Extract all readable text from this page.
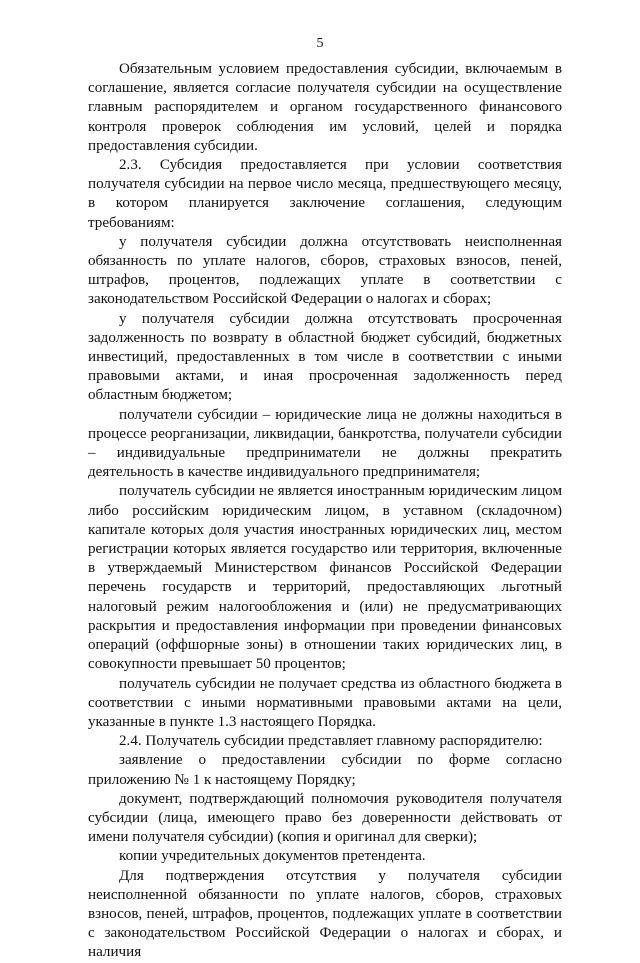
5

Обязательным условием предоставления субсидии, включаемым в соглашение, является согласие получателя субсидии на осуществление главным распорядителем и органом государственного финансового контроля проверок соблюдения им условий, целей и порядка предоставления субсидии.

2.3. Субсидия предоставляется при условии соответствия получателя субсидии на первое число месяца, предшествующего месяцу, в котором планируется заключение соглашения, следующим требованиям:

у получателя субсидии должна отсутствовать неисполненная обязанность по уплате налогов, сборов, страховых взносов, пеней, штрафов, процентов, подлежащих уплате в соответствии с законодательством Российской Федерации о налогах и сборах;

у получателя субсидии должна отсутствовать просроченная задолженность по возврату в областной бюджет субсидий, бюджетных инвестиций, предоставленных в том числе в соответствии с иными правовыми актами, и иная просроченная задолженность перед областным бюджетом;

получатели субсидии – юридические лица не должны находиться в процессе реорганизации, ликвидации, банкротства, получатели субсидии – индивидуальные предприниматели не должны прекратить деятельность в качестве индивидуального предпринимателя;

получатель субсидии не является иностранным юридическим лицом либо российским юридическим лицом, в уставном (складочном) капитале которых доля участия иностранных юридических лиц, местом регистрации которых является государство или территория, включенные в утверждаемый Министерством финансов Российской Федерации перечень государств и территорий, предоставляющих льготный налоговый режим налогообложения и (или) не предусматривающих раскрытия и предоставления информации при проведении финансовых операций (оффшорные зоны) в отношении таких юридических лиц, в совокупности превышает 50 процентов;

получатель субсидии не получает средства из областного бюджета в соответствии с иными нормативными правовыми актами на цели, указанные в пункте 1.3 настоящего Порядка.

2.4. Получатель субсидии представляет главному распорядителю:

заявление о предоставлении субсидии по форме согласно приложению № 1 к настоящему Порядку;

документ, подтверждающий полномочия руководителя получателя субсидии (лица, имеющего право без доверенности действовать от имени получателя субсидии) (копия и оригинал для сверки);

копии учредительных документов претендента.

Для подтверждения отсутствия у получателя субсидии неисполненной обязанности по уплате налогов, сборов, страховых взносов, пеней, штрафов, процентов, подлежащих уплате в соответствии с законодательством Российской Федерации о налогах и сборах, и наличия
